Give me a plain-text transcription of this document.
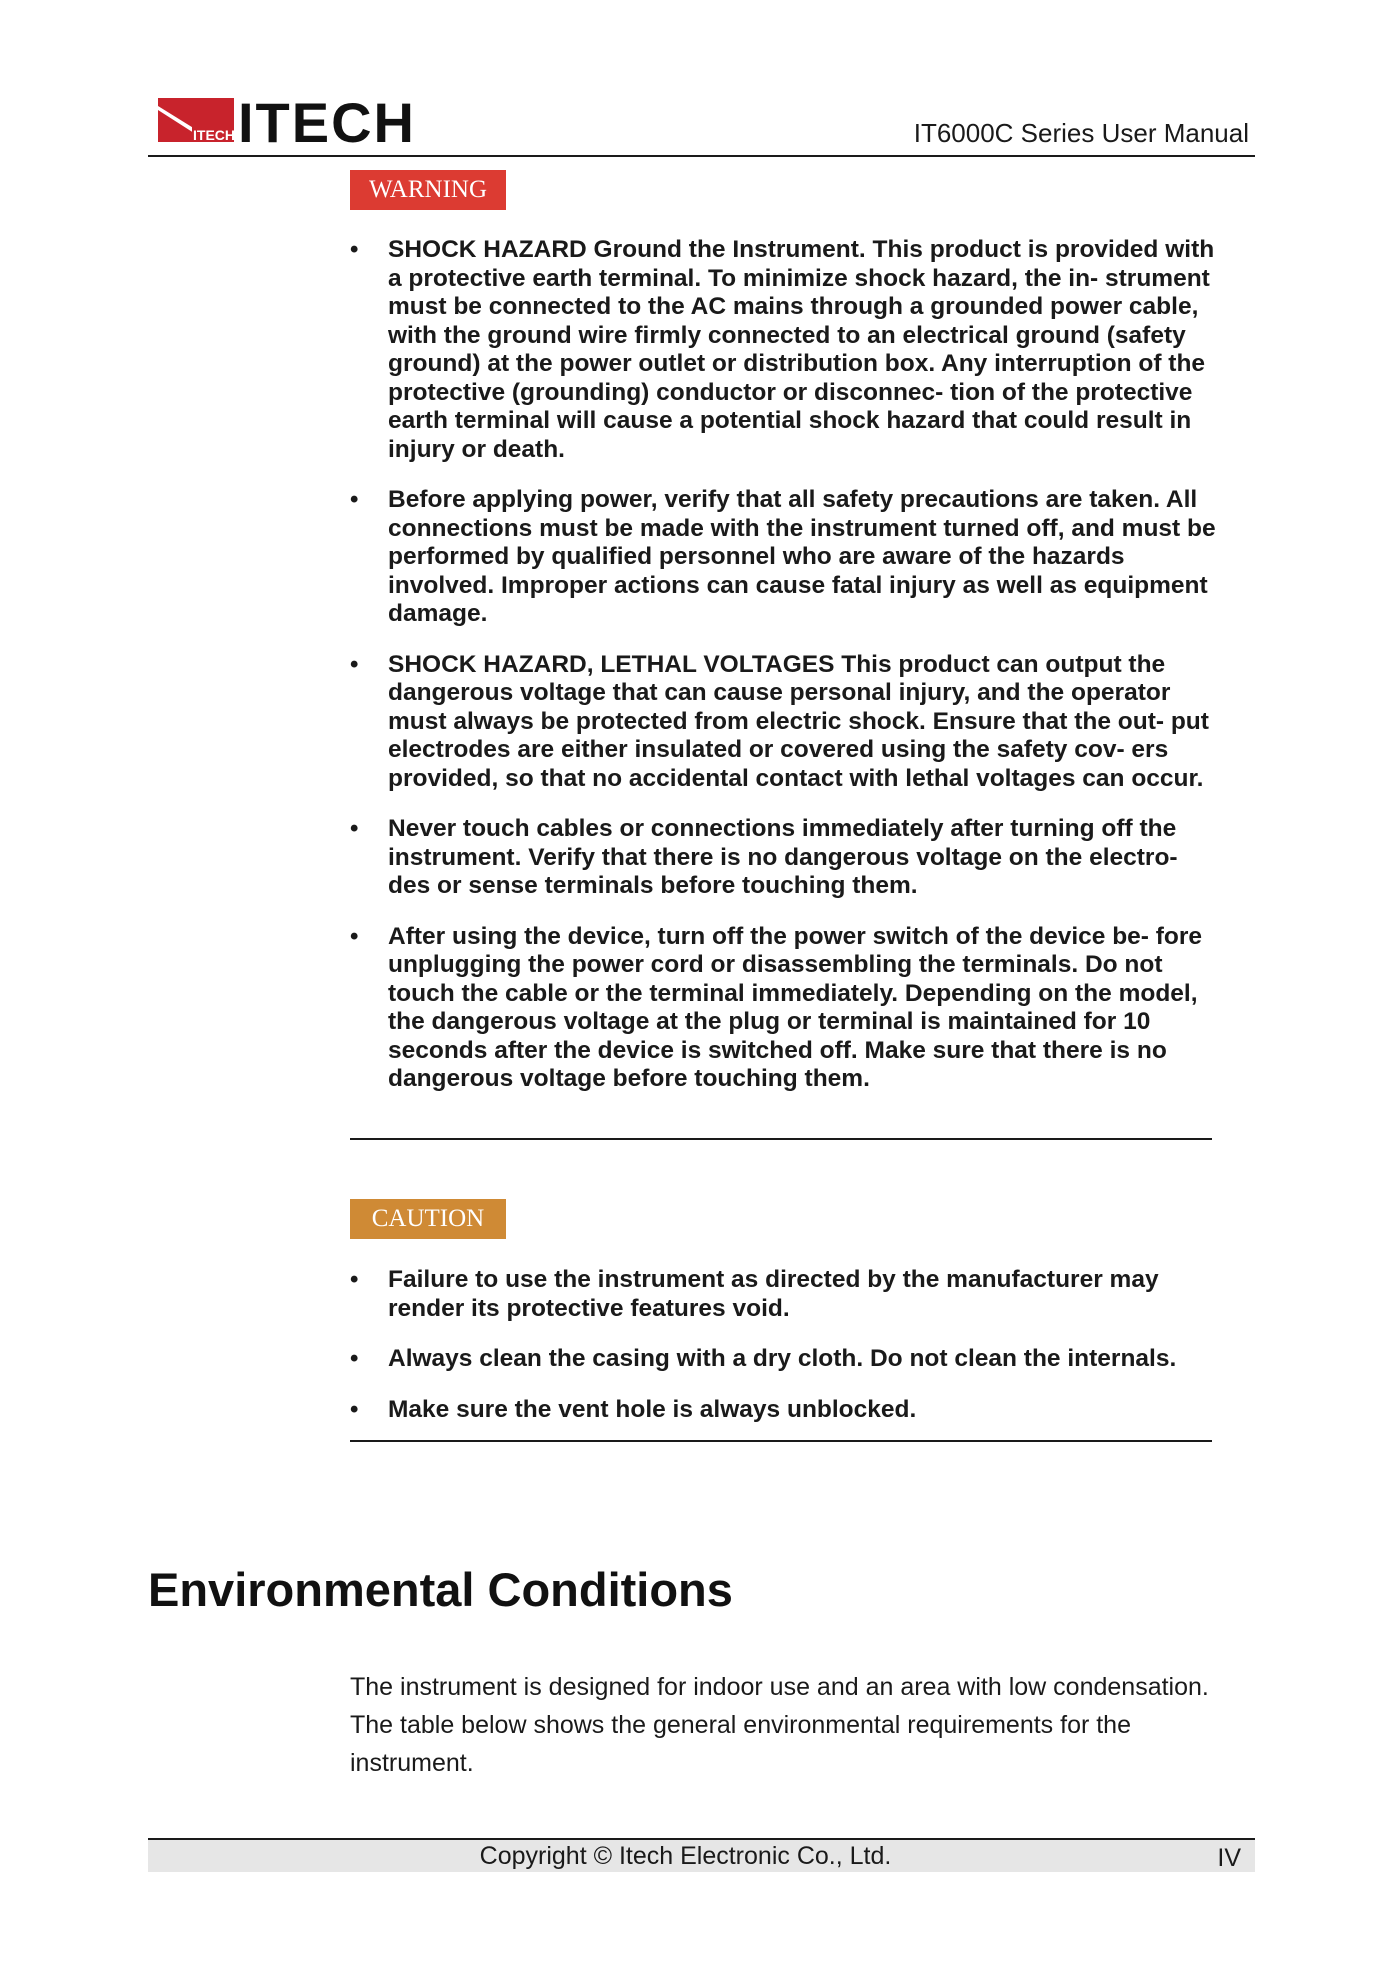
ITECH ITECH	IT6000C Series User Manual
WARNING
• SHOCK HAZARD Ground the Instrument. This product is provided with a protective earth terminal. To minimize shock hazard, the in- strument must be connected to the AC mains through a grounded power cable, with the ground wire firmly connected to an electrical ground (safety ground) at the power outlet or distribution box. Any interruption of the protective (grounding) conductor or disconnec- tion of the protective earth terminal will cause a potential shock hazard that could result in injury or death.
• Before applying power, verify that all safety precautions are taken. All connections must be made with the instrument turned off, and must be performed by qualified personnel who are aware of the hazards involved. Improper actions can cause fatal injury as well as equipment damage.
• SHOCK HAZARD, LETHAL VOLTAGES This product can output the dangerous voltage that can cause personal injury, and the operator must always be protected from electric shock. Ensure that the out- put electrodes are either insulated or covered using the safety cov- ers provided, so that no accidental contact with lethal voltages can occur.
• Never touch cables or connections immediately after turning off the instrument. Verify that there is no dangerous voltage on the electro- des or sense terminals before touching them.
• After using the device, turn off the power switch of the device be- fore unplugging the power cord or disassembling the terminals. Do not touch the cable or the terminal immediately. Depending on the model, the dangerous voltage at the plug or terminal is maintained for 10 seconds after the device is switched off. Make sure that there is no dangerous voltage before touching them.
CAUTION
• Failure to use the instrument as directed by the manufacturer may render its protective features void.
• Always clean the casing with a dry cloth. Do not clean the internals.
• Make sure the vent hole is always unblocked.
Environmental Conditions

The instrument is designed for indoor use and an area with low condensation. The table below shows the general environmental requirements for the instrument.

Copyright © Itech Electronic Co., Ltd.	IV
